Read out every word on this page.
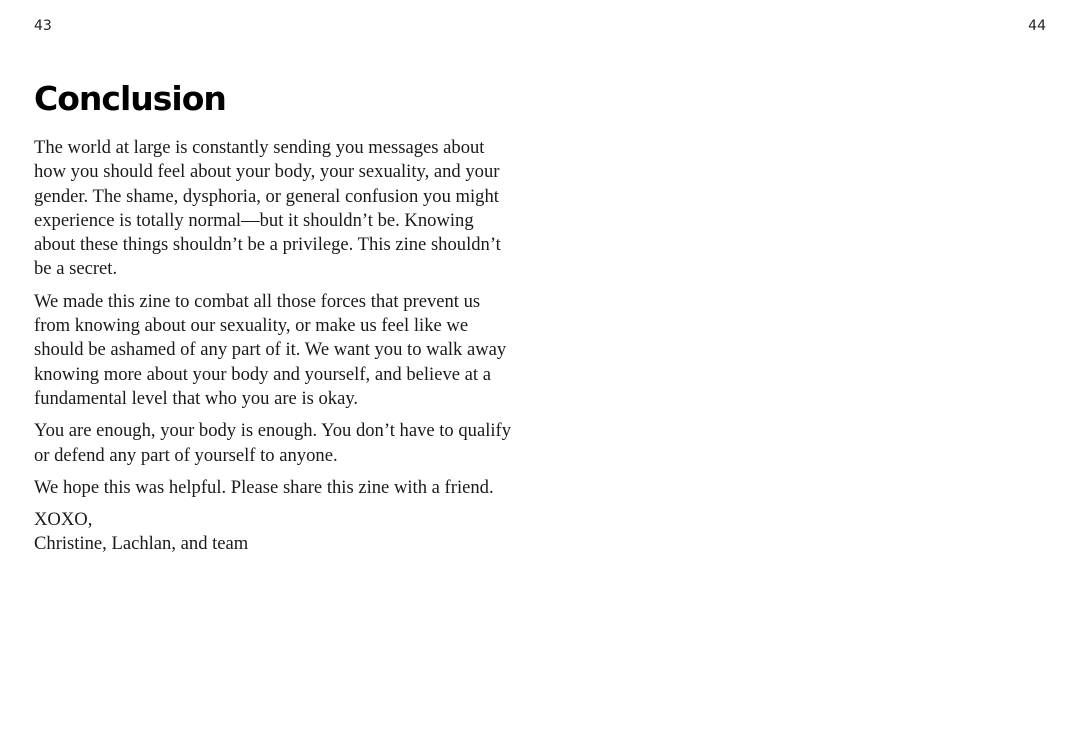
43	44
Conclusion

The world at large is constantly sending you messages about how you should feel about your body, your sexuality, and your gender. The shame, dysphoria, or general confusion you might experience is totally normal—but it shouldn’t be. Knowing about these things shouldn’t be a privilege. This zine shouldn’t be a secret.

We made this zine to combat all those forces that prevent us from knowing about our sexuality, or make us feel like we should be ashamed of any part of it. We want you to walk away knowing more about your body and yourself, and believe at a fundamental level that who you are is okay.

You are enough, your body is enough. You don’t have to qualify or defend any part of yourself to anyone.

We hope this was helpful. Please share this zine with a friend.

XOXO,
Christine, Lachlan, and team
